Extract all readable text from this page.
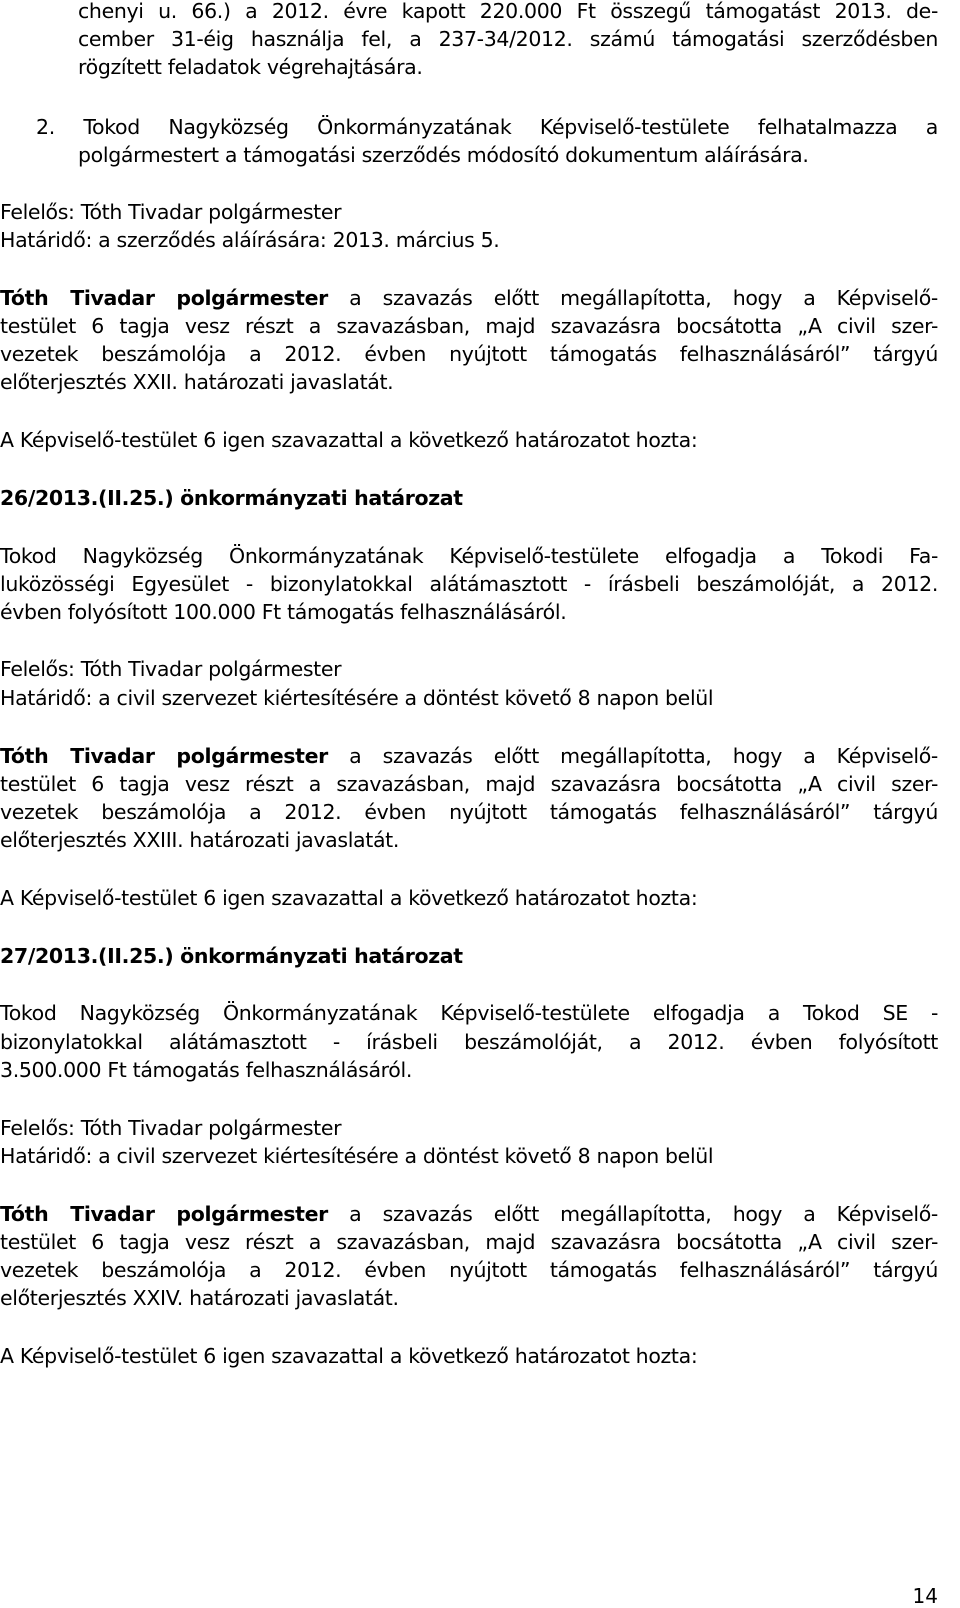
chenyi u. 66.) a 2012. évre kapott 220.000 Ft összegű támogatást 2013. de-
cember 31-éig használja fel, a 237-34/2012. számú támogatási szerződésben
rögzített feladatok végrehajtására.
2. Tokod Nagyközség Önkormányzatának Képviselő-testülete felhatalmazza a
polgármestert a támogatási szerződés módosító dokumentum aláírására.
Felelős: Tóth Tivadar polgármester
Határidő: a szerződés aláírására: 2013. március 5.
Tóth Tivadar polgármester a szavazás előtt megállapította, hogy a Képviselő-
testület 6 tagja vesz részt a szavazásban, majd szavazásra bocsátotta „A civil szer-
vezetek beszámolója a 2012. évben nyújtott támogatás felhasználásáról” tárgyú
előterjesztés XXII. határozati javaslatát.
A Képviselő-testület 6 igen szavazattal a következő határozatot hozta:
26/2013.(II.25.) önkormányzati határozat
Tokod Nagyközség Önkormányzatának Képviselő-testülete elfogadja a Tokodi Fa-
luközösségi Egyesület - bizonylatokkal alátámasztott - írásbeli beszámolóját, a 2012.
évben folyósított 100.000 Ft támogatás felhasználásáról.
Felelős: Tóth Tivadar polgármester
Határidő: a civil szervezet kiértesítésére a döntést követő 8 napon belül
Tóth Tivadar polgármester a szavazás előtt megállapította, hogy a Képviselő-
testület 6 tagja vesz részt a szavazásban, majd szavazásra bocsátotta „A civil szer-
vezetek beszámolója a 2012. évben nyújtott támogatás felhasználásáról” tárgyú
előterjesztés XXIII. határozati javaslatát.
A Képviselő-testület 6 igen szavazattal a következő határozatot hozta:
27/2013.(II.25.) önkormányzati határozat
Tokod Nagyközség Önkormányzatának Képviselő-testülete elfogadja a Tokod SE -
bizonylatokkal alátámasztott - írásbeli beszámolóját, a 2012. évben folyósított
3.500.000 Ft támogatás felhasználásáról.
Felelős: Tóth Tivadar polgármester
Határidő: a civil szervezet kiértesítésére a döntést követő 8 napon belül
Tóth Tivadar polgármester a szavazás előtt megállapította, hogy a Képviselő-
testület 6 tagja vesz részt a szavazásban, majd szavazásra bocsátotta „A civil szer-
vezetek beszámolója a 2012. évben nyújtott támogatás felhasználásáról” tárgyú
előterjesztés XXIV. határozati javaslatát.
A Képviselő-testület 6 igen szavazattal a következő határozatot hozta:
14
